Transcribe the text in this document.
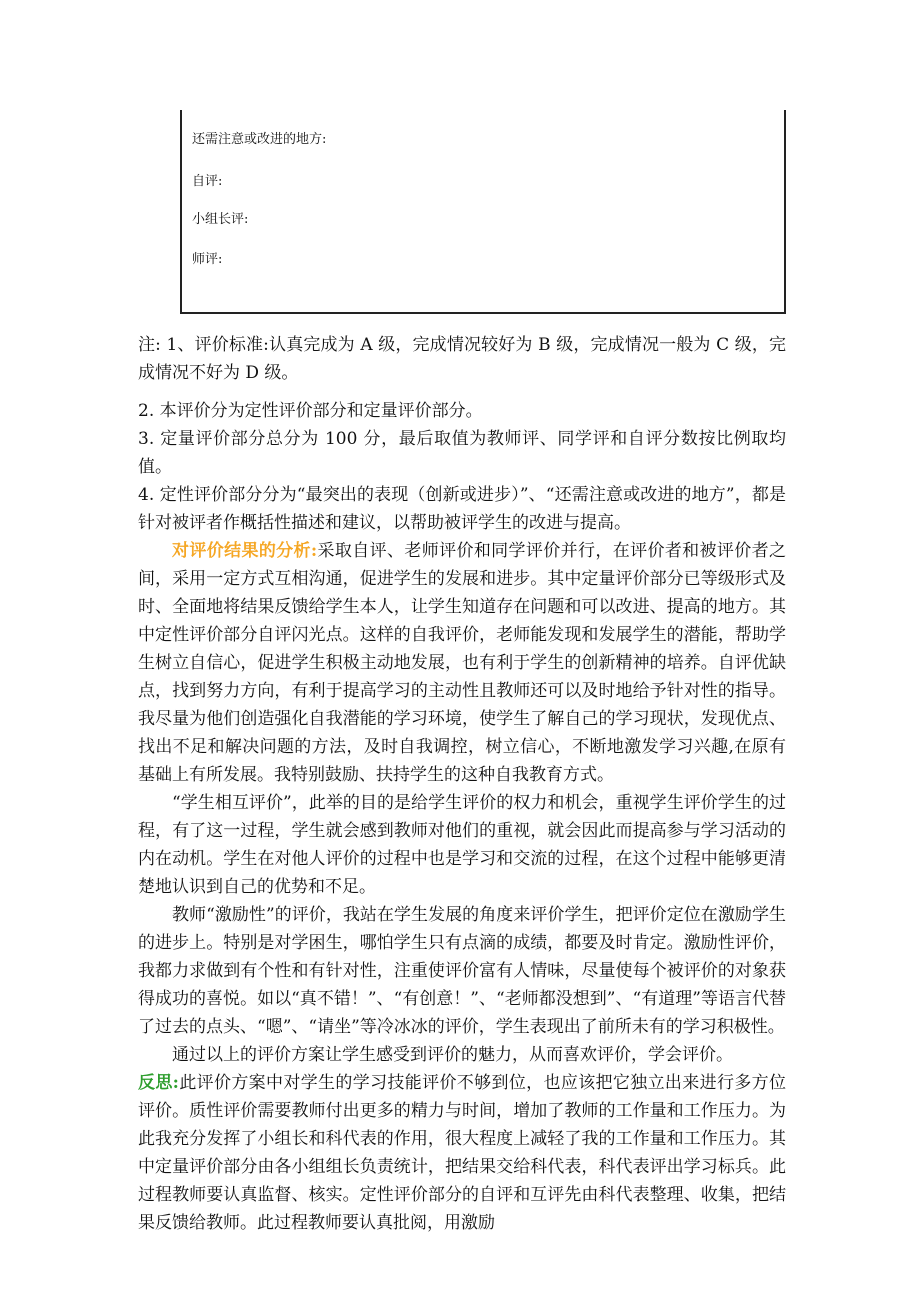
还需注意或改进的地方:
自评:
小组长评:
师评:
注: 1、评价标准:认真完成为 A 级，完成情况较好为 B 级，完成情况一般为 C 级，完成情况不好为 D 级。
2. 本评价分为定性评价部分和定量评价部分。
3. 定量评价部分总分为 100 分，最后取值为教师评、同学评和自评分数按比例取均值。
4. 定性评价部分分为“最突出的表现（创新或进步）”、“还需注意或改进的地方”，都是针对被评者作概括性描述和建议，以帮助被评学生的改进与提高。
对评价结果的分析:采取自评、老师评价和同学评价并行，在评价者和被评价者之间，采用一定方式互相沟通，促进学生的发展和进步。其中定量评价部分已等级形式及时、全面地将结果反馈给学生本人，让学生知道存在问题和可以改进、提高的地方。其中定性评价部分自评闪光点。这样的自我评价，老师能发现和发展学生的潜能，帮助学生树立自信心，促进学生积极主动地发展，也有利于学生的创新精神的培养。自评优缺点，找到努力方向，有利于提高学习的主动性且教师还可以及时地给予针对性的指导。我尽量为他们创造强化自我潜能的学习环境，使学生了解自己的学习现状，发现优点、找出不足和解决问题的方法，及时自我调控，树立信心，不断地激发学习兴趣,在原有基础上有所发展。我特别鼓励、扶持学生的这种自我教育方式。
“学生相互评价”，此举的目的是给学生评价的权力和机会，重视学生评价学生的过程，有了这一过程，学生就会感到教师对他们的重视，就会因此而提高参与学习活动的内在动机。学生在对他人评价的过程中也是学习和交流的过程，在这个过程中能够更清楚地认识到自己的优势和不足。
教师“激励性”的评价，我站在学生发展的角度来评价学生，把评价定位在激励学生的进步上。特别是对学困生，哪怕学生只有点滴的成绩，都要及时肯定。激励性评价，我都力求做到有个性和有针对性，注重使评价富有人情味，尽量使每个被评价的对象获得成功的喜悦。如以“真不错！”、“有创意！”、“老师都没想到”、“有道理”等语言代替了过去的点头、“嗯”、“请坐”等冷冰冰的评价，学生表现出了前所未有的学习积极性。
通过以上的评价方案让学生感受到评价的魅力，从而喜欢评价，学会评价。
反思:此评价方案中对学生的学习技能评价不够到位，也应该把它独立出来进行多方位评价。质性评价需要教师付出更多的精力与时间，增加了教师的工作量和工作压力。为此我充分发挥了小组长和科代表的作用，很大程度上减轻了我的工作量和工作压力。其中定量评价部分由各小组组长负责统计，把结果交给科代表，科代表评出学习标兵。此过程教师要认真监督、核实。定性评价部分的自评和互评先由科代表整理、收集，把结果反馈给教师。此过程教师要认真批阅，用激励
